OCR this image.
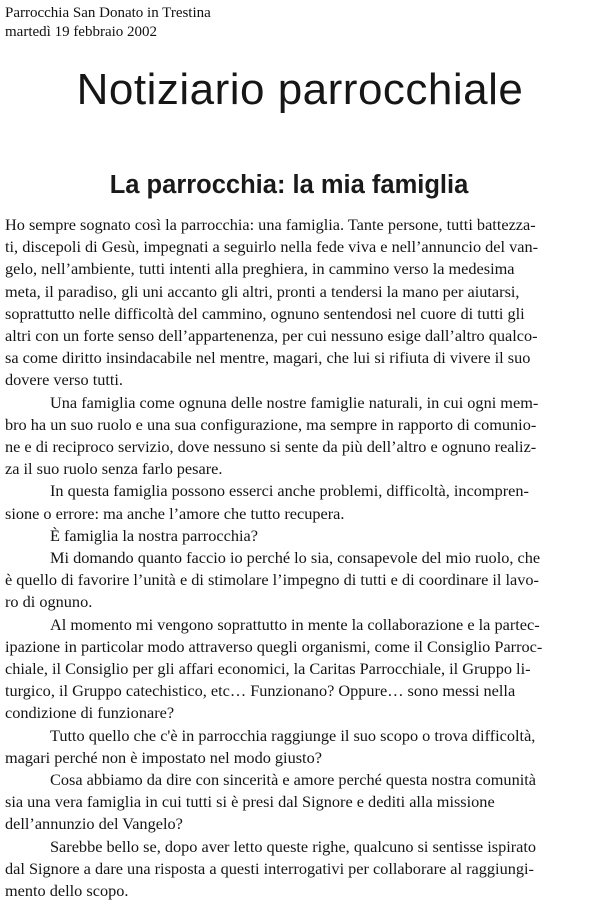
Parrocchia San Donato in Trestina
martedì 19 febbraio 2002
Notiziario parrocchiale
La parrocchia: la mia famiglia
Ho sempre sognato così la parrocchia: una famiglia. Tante persone, tutti battezza-
ti, discepoli di Gesù, impegnati a seguirlo nella fede viva e nell’annuncio del van-
gelo, nell’ambiente, tutti intenti alla preghiera, in cammino verso la medesima
meta, il paradiso, gli uni accanto gli altri, pronti a tendersi la mano per aiutarsi,
soprattutto nelle difficoltà del cammino, ognuno sentendosi nel cuore di tutti gli
altri con un forte senso dell’appartenenza, per cui nessuno esige dall’altro qualco-
sa come diritto insindacabile nel mentre, magari, che lui si rifiuta di vivere il suo
dovere verso tutti.
Una famiglia come ognuna delle nostre famiglie naturali, in cui ogni mem-
bro ha un suo ruolo e una sua configurazione, ma sempre in rapporto di comunio-
ne e di reciproco servizio, dove nessuno si sente da più dell’altro e ognuno realiz-
za il suo ruolo senza farlo pesare.
In questa famiglia possono esserci anche problemi, difficoltà, incompren-
sione o errore: ma anche l’amore che tutto recupera.
È famiglia la nostra parrocchia?
Mi domando quanto faccio io perché lo sia, consapevole del mio ruolo, che
è quello di favorire l’unità e di stimolare l’impegno di tutti e di coordinare il lavo-
ro di ognuno.
Al momento mi vengono soprattutto in mente la collaborazione e la partec-
ipazione in particolar modo attraverso quegli organismi, come il Consiglio Parroc-
chiale, il Consiglio per gli affari economici, la Caritas Parrocchiale, il Gruppo li-
turgico, il Gruppo catechistico, etc… Funzionano? Oppure… sono messi nella
condizione di funzionare?
Tutto quello che c'è in parrocchia raggiunge il suo scopo o trova difficoltà,
magari perché non è impostato nel modo giusto?
Cosa abbiamo da dire con sincerità e amore perché questa nostra comunità
sia una vera famiglia in cui tutti si è presi dal Signore e dediti alla missione
dell’annunzio del Vangelo?
Sarebbe bello se, dopo aver letto queste righe, qualcuno si sentisse ispirato
dal Signore a dare una risposta a questi interrogativi per collaborare al raggiungi-
mento dello scopo.
